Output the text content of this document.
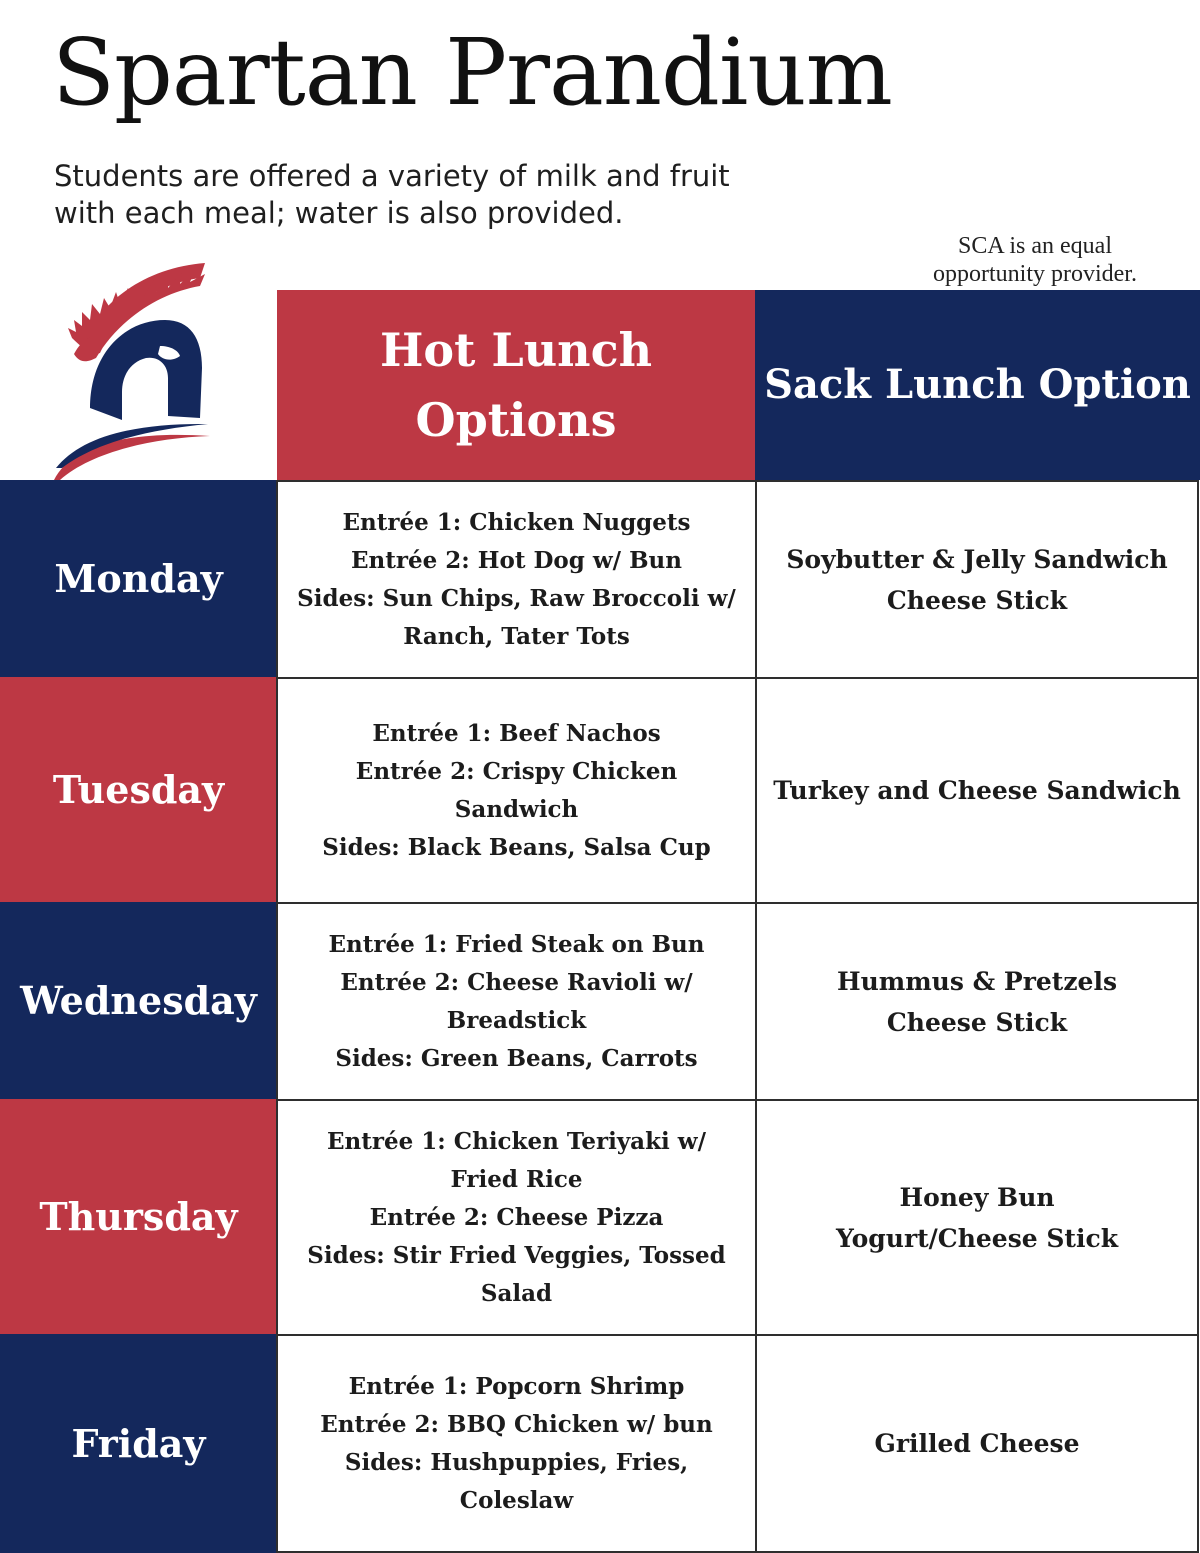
Spartan Prandium
Students are offered a variety of milk and fruit with each meal; water is also provided.
SCA is an equal
opportunity provider.
Hot Lunch Options
Sack Lunch Option
Monday
Entrée 1: Chicken Nuggets
Entrée 2: Hot Dog w/ Bun
Sides: Sun Chips, Raw Broccoli w/
Ranch, Tater Tots
Soybutter & Jelly Sandwich
Cheese Stick
Tuesday
Entrée 1: Beef Nachos
Entrée 2: Crispy Chicken
Sandwich
Sides: Black Beans, Salsa Cup
Turkey and Cheese Sandwich
Wednesday
Entrée 1: Fried Steak on Bun
Entrée 2: Cheese Ravioli w/
Breadstick
Sides: Green Beans, Carrots
Hummus & Pretzels
Cheese Stick
Thursday
Entrée 1: Chicken Teriyaki w/
Fried Rice
Entrée 2: Cheese Pizza
Sides: Stir Fried Veggies, Tossed
Salad
Honey Bun
Yogurt/Cheese Stick
Friday
Entrée 1: Popcorn Shrimp
Entrée 2: BBQ Chicken w/ bun
Sides: Hushpuppies, Fries, Coleslaw
Grilled Cheese
